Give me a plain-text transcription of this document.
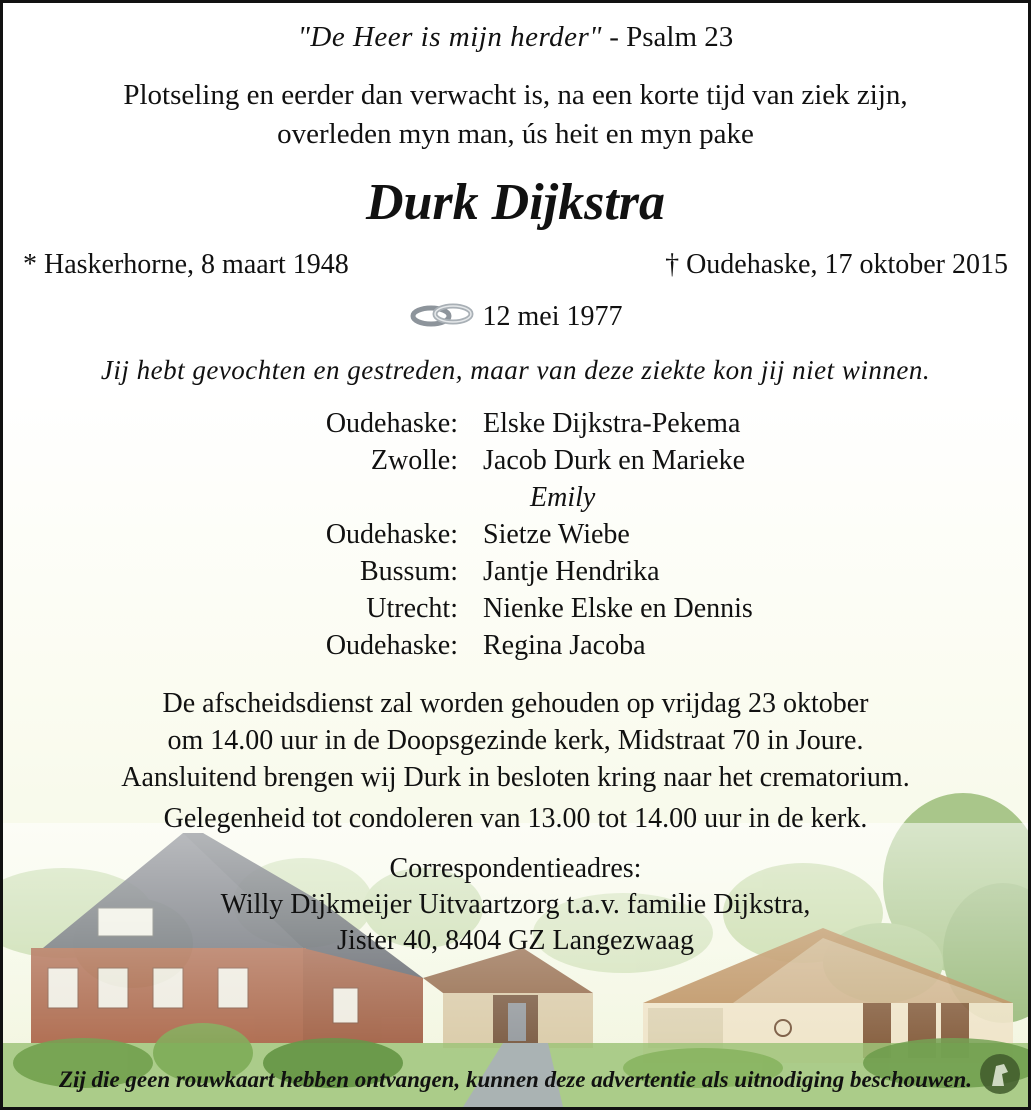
"De Heer is mijn herder" - Psalm 23
Plotseling en eerder dan verwacht is, na een korte tijd van ziek zijn,
overleden myn man, ús heit en myn pake
Durk Dijkstra
* Haskerhorne, 8 maart 1948	† Oudehaske, 17 oktober 2015
12 mei 1977
Jij hebt gevochten en gestreden, maar van deze ziekte kon jij niet winnen.
Oudehaske: Elske Dijkstra-Pekema
Zwolle: Jacob Durk en Marieke
Emily
Oudehaske: Sietze Wiebe
Bussum: Jantje Hendrika
Utrecht: Nienke Elske en Dennis
Oudehaske: Regina Jacoba
De afscheidsdienst zal worden gehouden op vrijdag 23 oktober
om 14.00 uur in de Doopsgezinde kerk, Midstraat 70 in Joure.
Aansluitend brengen wij Durk in besloten kring naar het crematorium.
Gelegenheid tot condoleren van 13.00 tot 14.00 uur in de kerk.
Correspondentieadres:
Willy Dijkmeijer Uitvaartzorg t.a.v. familie Dijkstra,
Jister 40, 8404 GZ Langezwaag
Zij die geen rouwkaart hebben ontvangen, kunnen deze advertentie als uitnodiging beschouwen.
